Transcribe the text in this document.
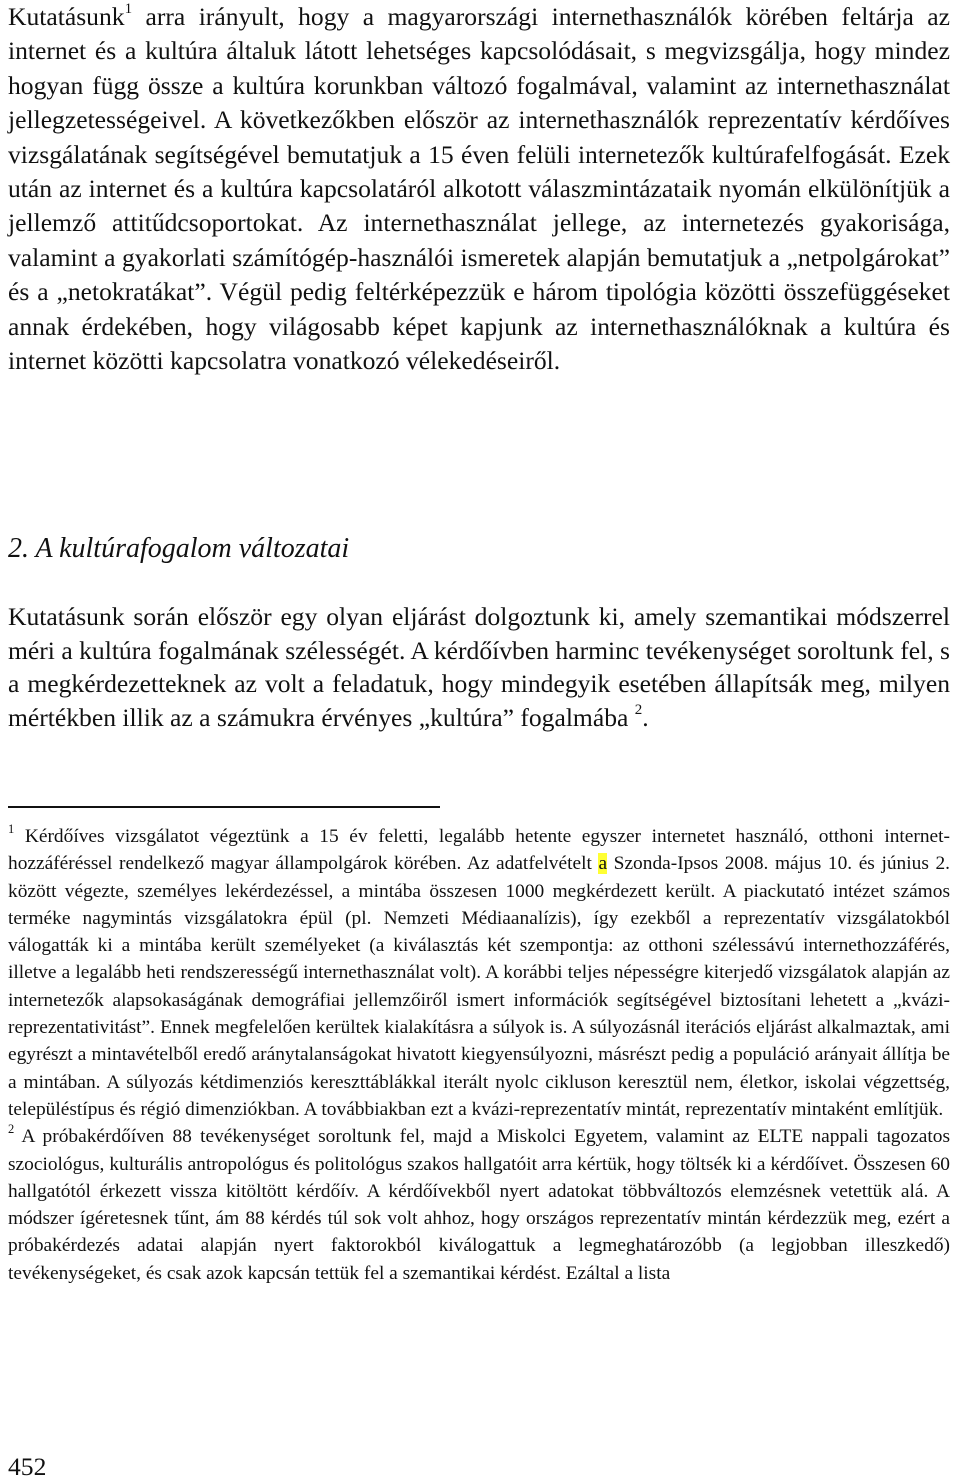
Kutatásunk$^1$ arra irányult, hogy a magyarországi internethasználók körében feltárja az internet és a kultúra általuk látott lehetséges kapcsolódásait, s megvizsgálja, hogy mindez hogyan függ össze a kultúra korunkban változó fogalmával, valamint az internethasználat jellegzetességeivel. A következőkben először az internethasználók reprezentatív kérdőíves vizsgálatának segítségével bemutatjuk a 15 éven felüli internetezők kultúrafelfogását. Ezek után az internet és a kultúra kapcsolatáról alkotott válaszmintázataik nyomán elkülönítjük a jellemző attitűdcsoportokat. Az internethasználat jellege, az internetezés gyakorisága, valamint a gyakorlati számítógép-használói ismeretek alapján bemutatjuk a „netpolgárokat” és a „netokratákat”. Végül pedig feltérképezzük e három tipológia közötti összefüggéseket annak érdekében, hogy világosabb képet kapjunk az internethasználóknak a kultúra és internet közötti kapcsolatra vonatkozó vélekedéseiről.

2. A kultúrafogalom változatai

Kutatásunk során először egy olyan eljárást dolgoztunk ki, amely szemantikai módszerrel méri a kultúra fogalmának szélességét. A kérdőívben harminc tevékenységet soroltunk fel, s a megkérdezetteknek az volt a feladatuk, hogy mindegyik esetében állapítsák meg, milyen mértékben illik az a számukra érvényes „kultúra” fogalmába $^2$.

$^1$ Kérdőíves vizsgálatot végeztünk a 15 év feletti, legalább hetente egyszer internetet használó, otthoni internet-hozzáféréssel rendelkező magyar állampolgárok körében. Az adatfelvételt a Szonda-Ipsos 2008. május 10. és június 2. között végezte, személyes lekérdezéssel, a mintába összesen 1000 megkérdezett került. A piackutató intézet számos terméke nagymintás vizsgálatokra épül (pl. Nemzeti Médiaanalízis), így ezekből a reprezentatív vizsgálatokból válogatták ki a mintába került személyeket (a kiválasztás két szempontja: az otthoni szélessávú internethozzáférés, illetve a legalább heti rendszerességű internethasználat volt). A korábbi teljes népességre kiterjedő vizsgálatok alapján az internetezők alapsokaságának demográfiai jellemzőiről ismert információk segítségével biztosítani lehetett a „kvázi-reprezentativitást”. Ennek megfelelően kerültek kialakításra a súlyok is. A súlyozásnál iterációs eljárást alkalmaztak, ami egyrészt a mintavételből eredő aránytalanságokat hivatott kiegyensúlyozni, másrészt pedig a populáció arányait állítja be a mintában. A súlyozás kétdimenziós kereszttáblákkal iterált nyolc cikluson keresztül nem, életkor, iskolai végzettség, településtípus és régió dimenziókban. A továbbiakban ezt a kvázi-reprezentatív mintát, reprezentatív mintaként említjük.

$^2$ A próbakérdőíven 88 tevékenységet soroltunk fel, majd a Miskolci Egyetem, valamint az ELTE nappali tagozatos szociológus, kulturális antropológus és politológus szakos hallgatóit arra kértük, hogy töltsék ki a kérdőívet. Összesen 60 hallgatótól érkezett vissza kitöltött kérdőív. A kérdőívekből nyert adatokat többváltozós elemzésnek vetettük alá. A módszer ígéretesnek tűnt, ám 88 kérdés túl sok volt ahhoz, hogy országos reprezentatív mintán kérdezzük meg, ezért a próbakérdezés adatai alapján nyert faktorokból kiválogattuk a legmeghatározóbb (a legjobban illeszkedő) tevékenységeket, és csak azok kapcsán tettük fel a szemantikai kérdést. Ezáltal a lista

452
